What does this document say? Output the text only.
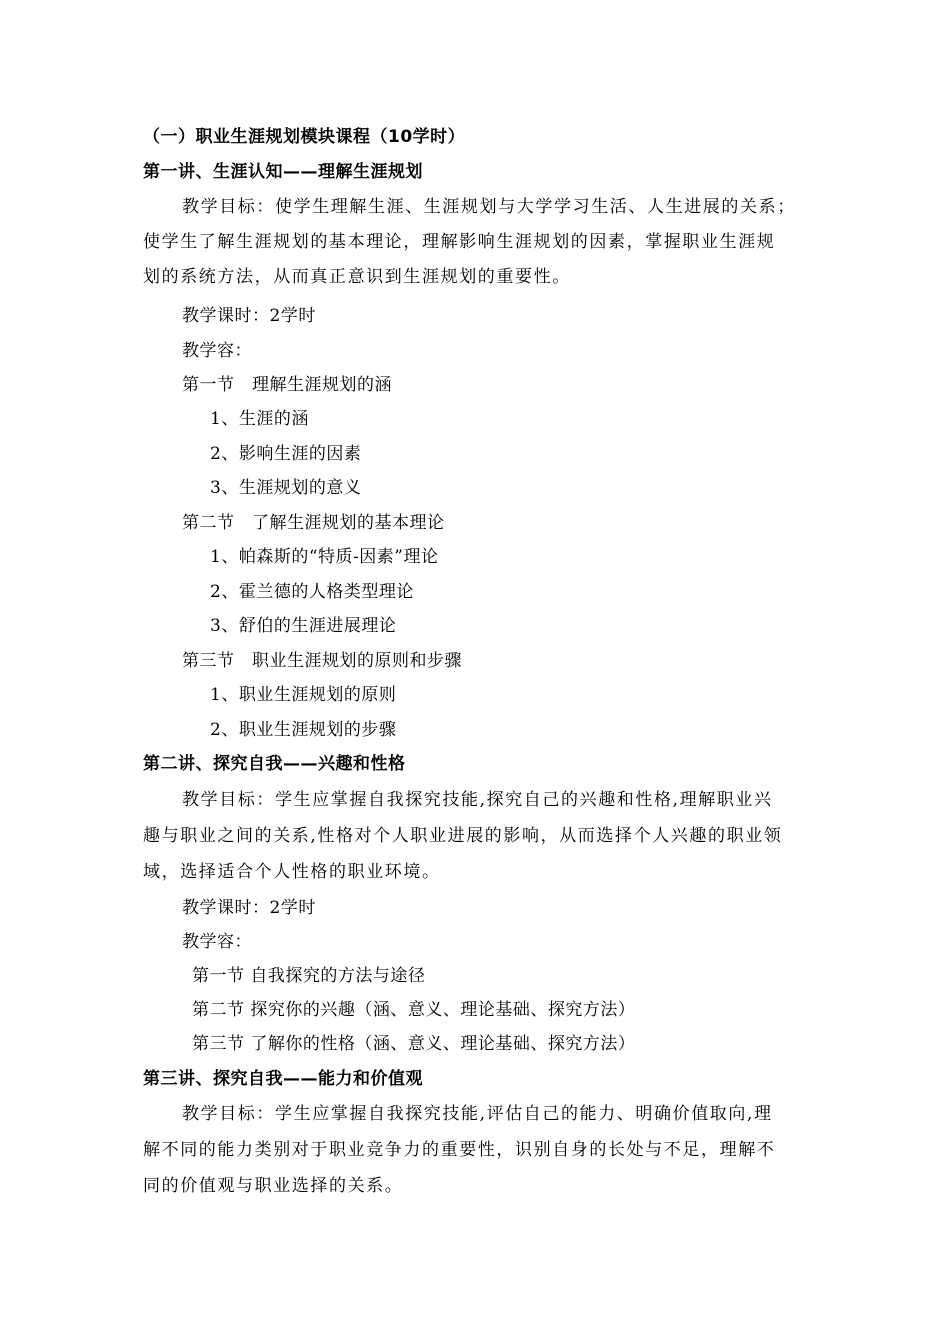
（一）职业生涯规划模块课程（10学时）
第一讲、生涯认知——理解生涯规划
教学目标：使学生理解生涯、生涯规划与大学学习生活、人生进展的关系；
使学生了解生涯规划的基本理论，理解影响生涯规划的因素，掌握职业生涯规
划的系统方法，从而真正意识到生涯规划的重要性。
教学课时：2学时
教学容：
第一节　理解生涯规划的涵
1、生涯的涵
2、影响生涯的因素
3、生涯规划的意义
第二节　了解生涯规划的基本理论
1、帕森斯的“特质-因素”理论
2、霍兰德的人格类型理论
3、舒伯的生涯进展理论
第三节　职业生涯规划的原则和步骤
1、职业生涯规划的原则
2、职业生涯规划的步骤
第二讲、探究自我——兴趣和性格
教学目标：学生应掌握自我探究技能,探究自己的兴趣和性格,理解职业兴
趣与职业之间的关系,性格对个人职业进展的影响，从而选择个人兴趣的职业领
域，选择适合个人性格的职业环境。
教学课时：2学时
教学容：
第一节 自我探究的方法与途径
第二节 探究你的兴趣（涵、意义、理论基础、探究方法）
第三节 了解你的性格（涵、意义、理论基础、探究方法）
第三讲、探究自我——能力和价值观
教学目标：学生应掌握自我探究技能,评估自己的能力、明确价值取向,理
解不同的能力类别对于职业竞争力的重要性，识别自身的长处与不足，理解不
同的价值观与职业选择的关系。
